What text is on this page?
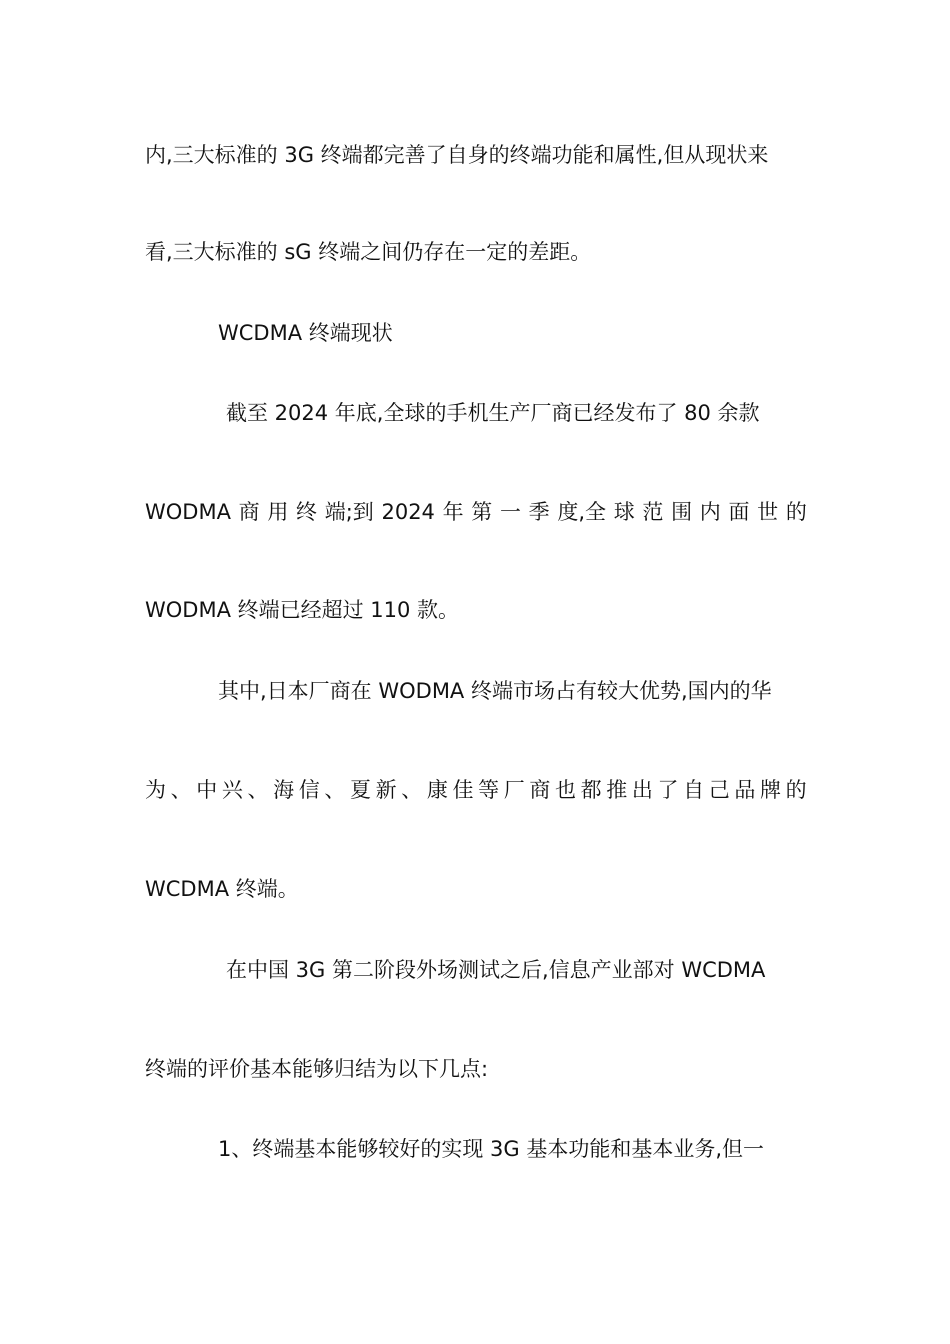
内,三大标准的 3G 终端都完善了自身的终端功能和属性,但从现状来
看,三大标准的 sG 终端之间仍存在一定的差距。
WCDMA 终端现状
截至 2024 年底,全球的手机生产厂商已经发布了 80 余款
WODMA 商 用 终 端;到 2024 年 第 一 季 度,全 球 范 围 内 面 世 的
WODMA 终端已经超过 110 款。
其中,日本厂商在 WODMA 终端市场占有较大优势,国内的华
为 、 中 兴 、 海 信 、 夏 新 、 康 佳 等 厂 商 也 都 推 出 了 自 己 品 牌 的
WCDMA 终端。
在中国 3G 第二阶段外场测试之后,信息产业部对 WCDMA
终端的评价基本能够归结为以下几点:
1、终端基本能够较好的实现 3G 基本功能和基本业务,但一
